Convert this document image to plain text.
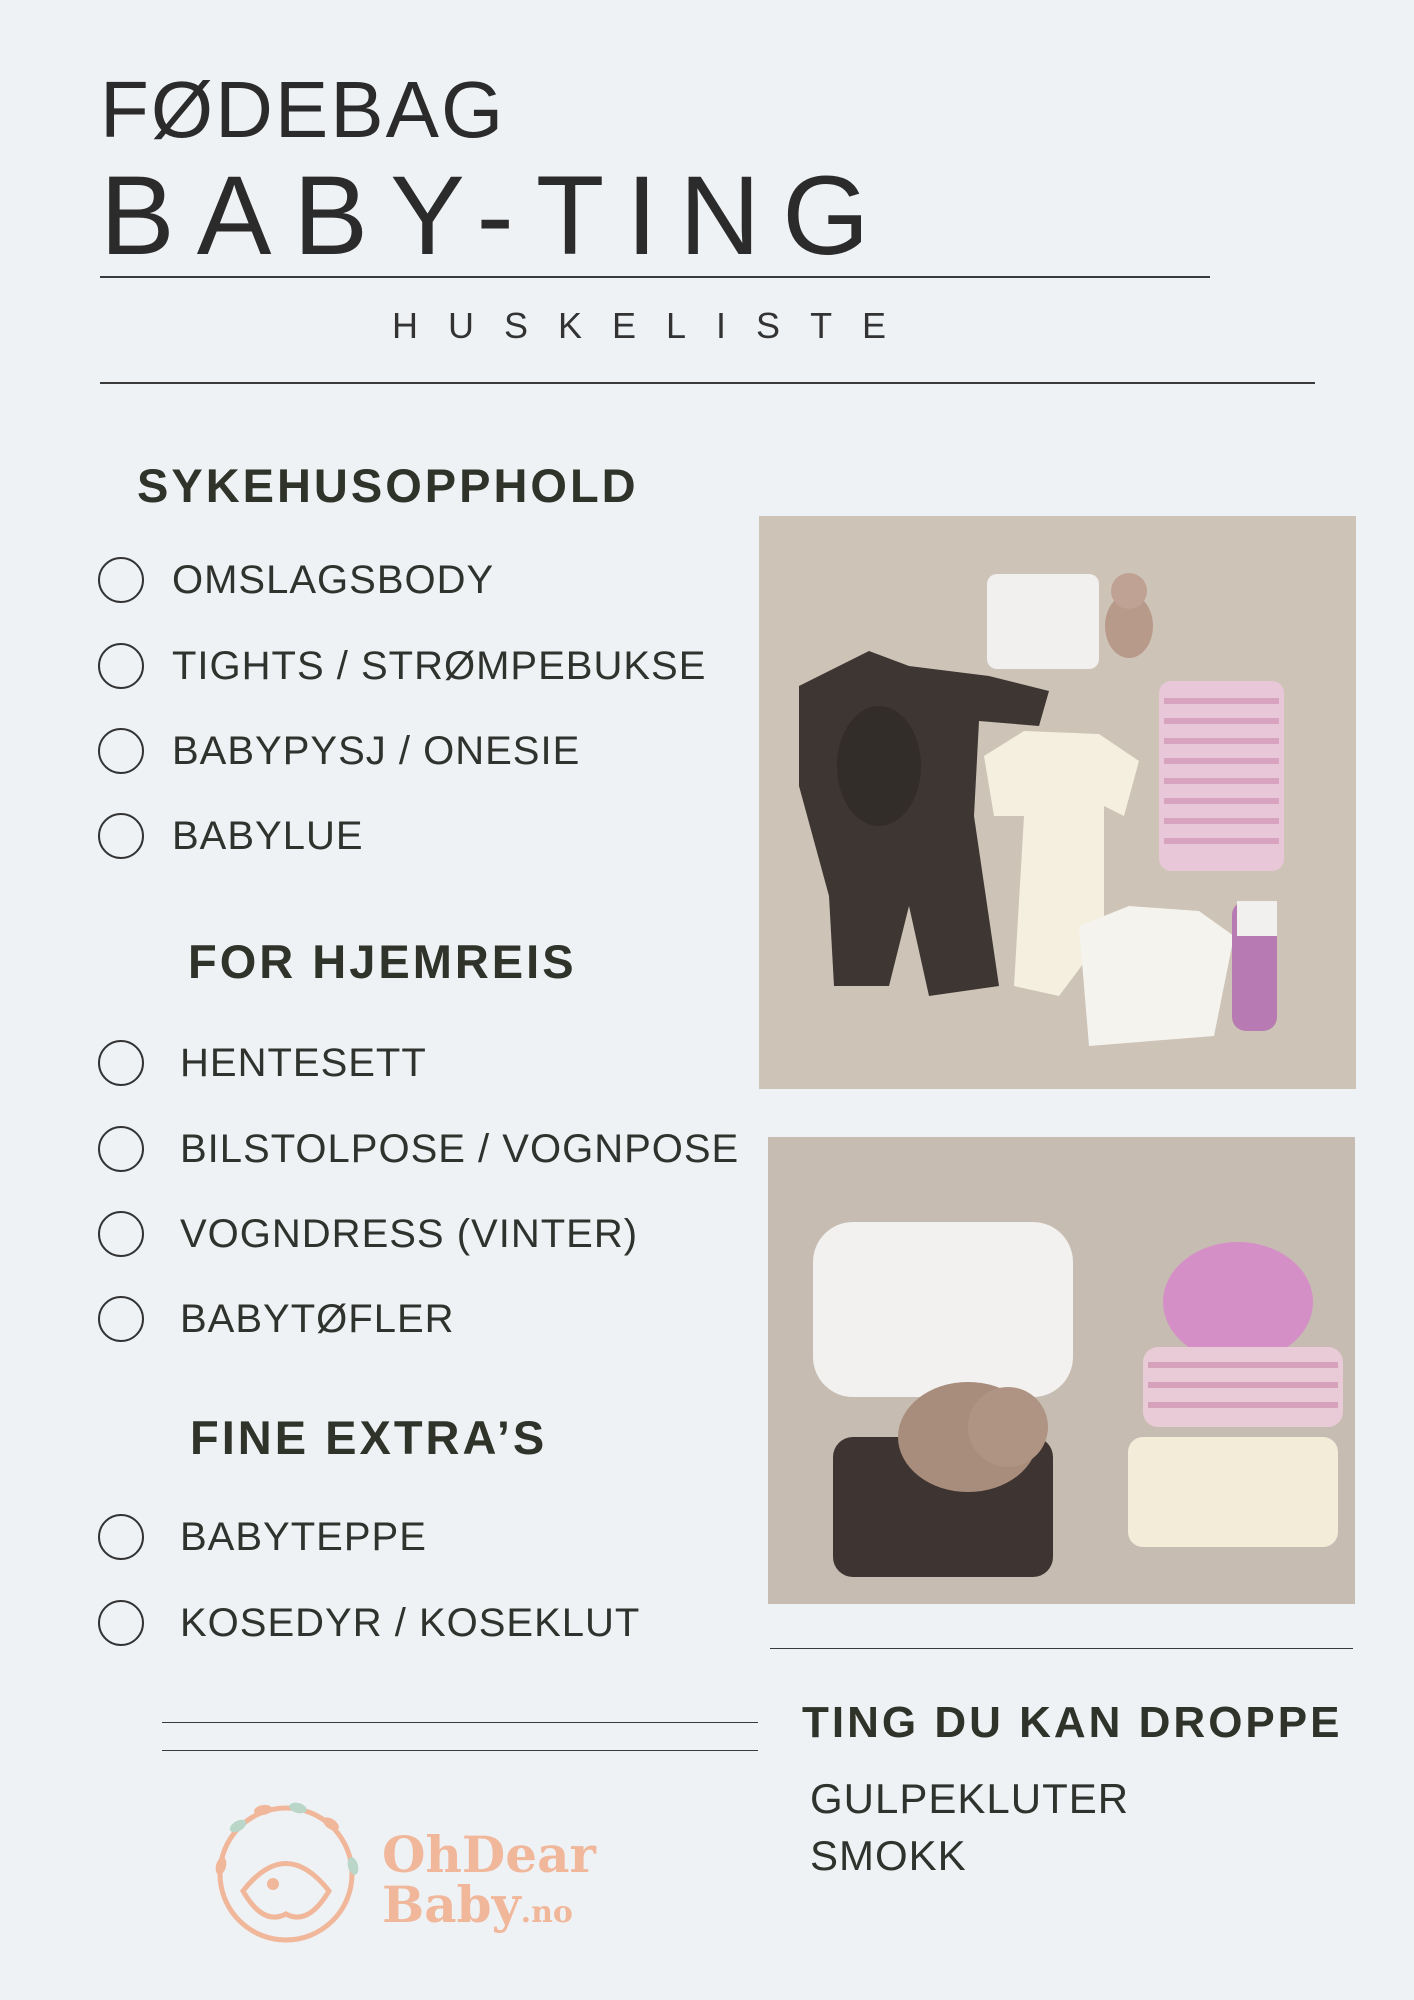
FØDEBAG
BABY-TING
HUSKELISTE
SYKEHUSOPPHOLD
OMSLAGSBODY
TIGHTS / STRØMPEBUKSE
BABYPYSJ / ONESIE
BABYLUE
FOR HJEMREIS
HENTESETT
BILSTOLPOSE / VOGNPOSE
VOGNDRESS (VINTER)
BABYTØFLER
FINE EXTRA’S
BABYTEPPE
KOSEDYR / KOSEKLUT
TING DU KAN DROPPE
GULPEKLUTER
SMOKK
OhDear
Baby.no
